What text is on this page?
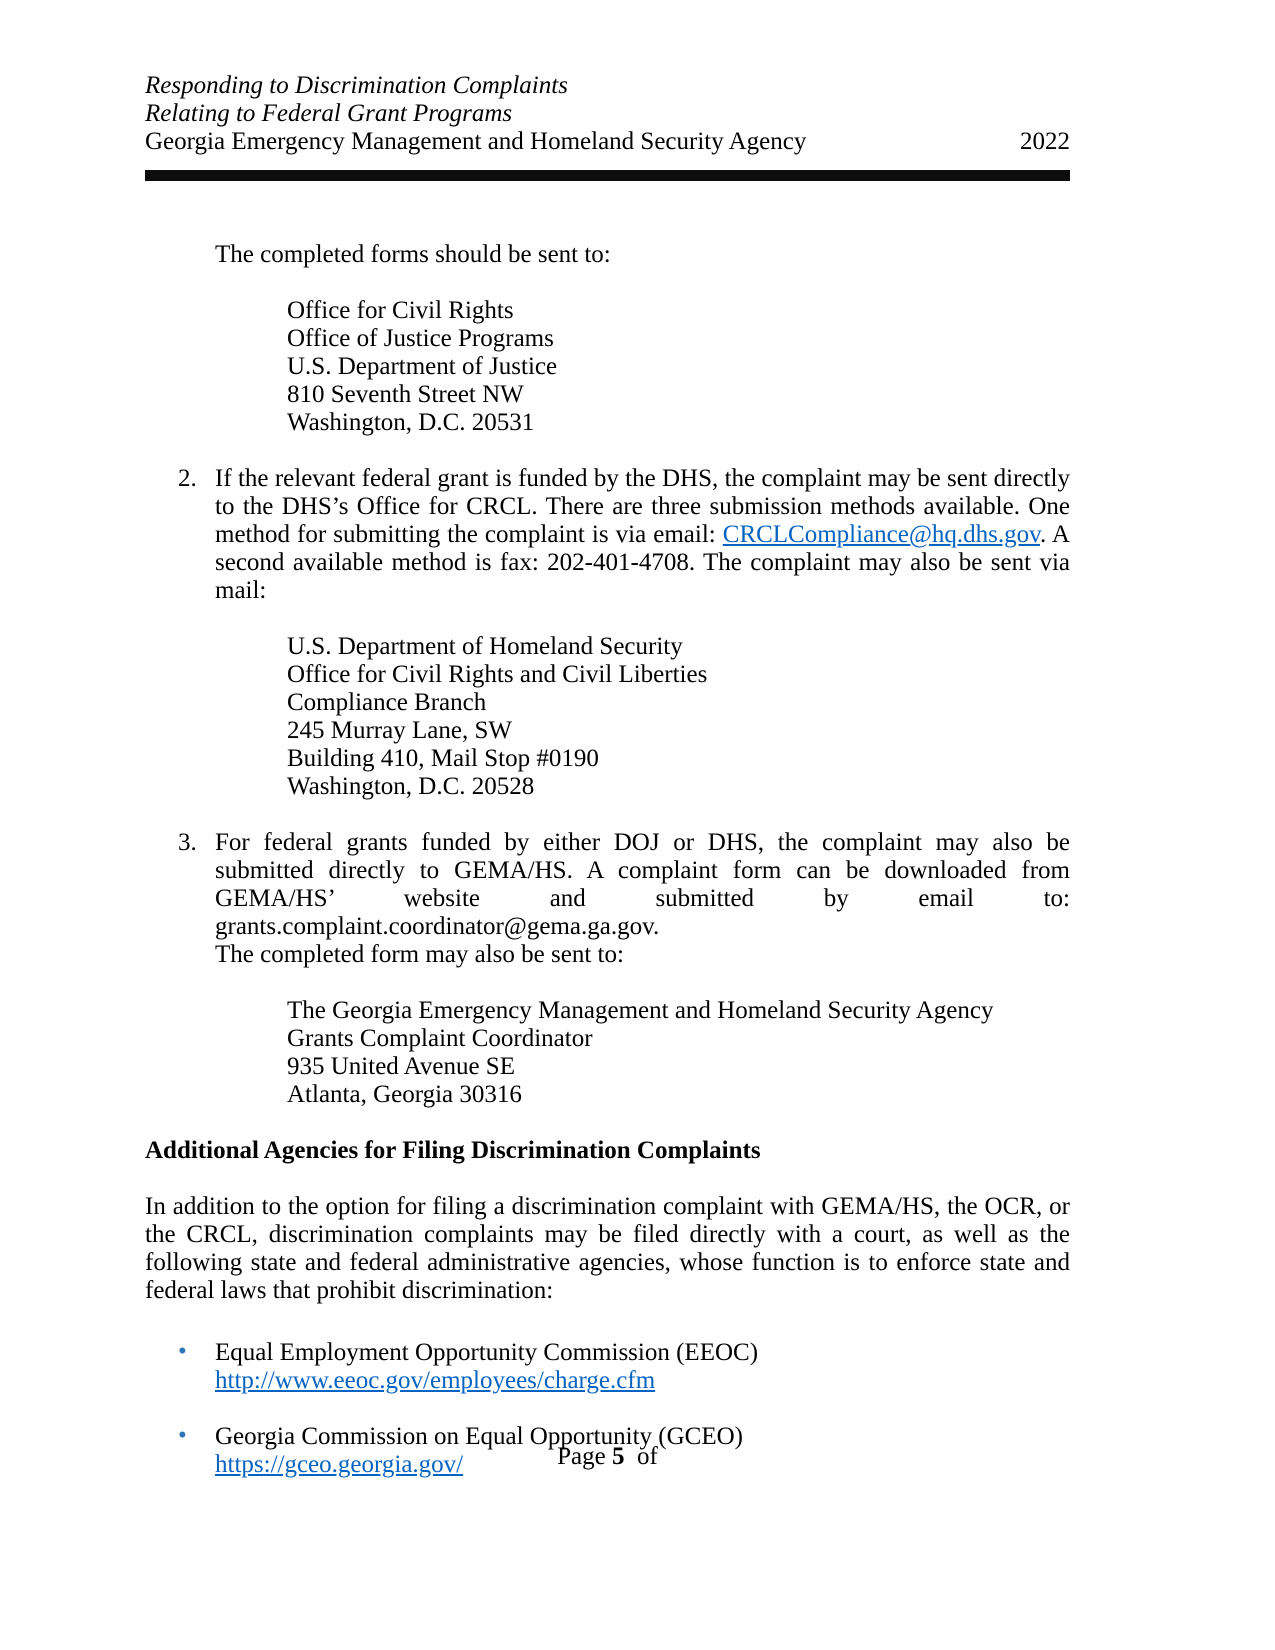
Responding to Discrimination Complaints
Relating to Federal Grant Programs
Georgia Emergency Management and Homeland Security Agency	2022
The completed forms should be sent to:
Office for Civil Rights
Office of Justice Programs
U.S. Department of Justice
810 Seventh Street NW
Washington, D.C. 20531
2. If the relevant federal grant is funded by the DHS, the complaint may be sent directly to the DHS’s Office for CRCL. There are three submission methods available. One method for submitting the complaint is via email: CRCLCompliance@hq.dhs.gov. A second available method is fax: 202-401-4708. The complaint may also be sent via mail:
U.S. Department of Homeland Security
Office for Civil Rights and Civil Liberties
Compliance Branch
245 Murray Lane, SW
Building 410, Mail Stop #0190
Washington, D.C. 20528
3. For federal grants funded by either DOJ or DHS, the complaint may also be submitted directly to GEMA/HS. A complaint form can be downloaded from GEMA/HS’ website and submitted by email to: grants.complaint.coordinator@gema.ga.gov.
The completed form may also be sent to:
The Georgia Emergency Management and Homeland Security Agency
Grants Complaint Coordinator
935 United Avenue SE
Atlanta, Georgia 30316
Additional Agencies for Filing Discrimination Complaints
In addition to the option for filing a discrimination complaint with GEMA/HS, the OCR, or the CRCL, discrimination complaints may be filed directly with a court, as well as the following state and federal administrative agencies, whose function is to enforce state and federal laws that prohibit discrimination:
• Equal Employment Opportunity Commission (EEOC)
http://www.eeoc.gov/employees/charge.cfm
• Georgia Commission on Equal Opportunity (GCEO)
https://gceo.georgia.gov/	Page 5 of
